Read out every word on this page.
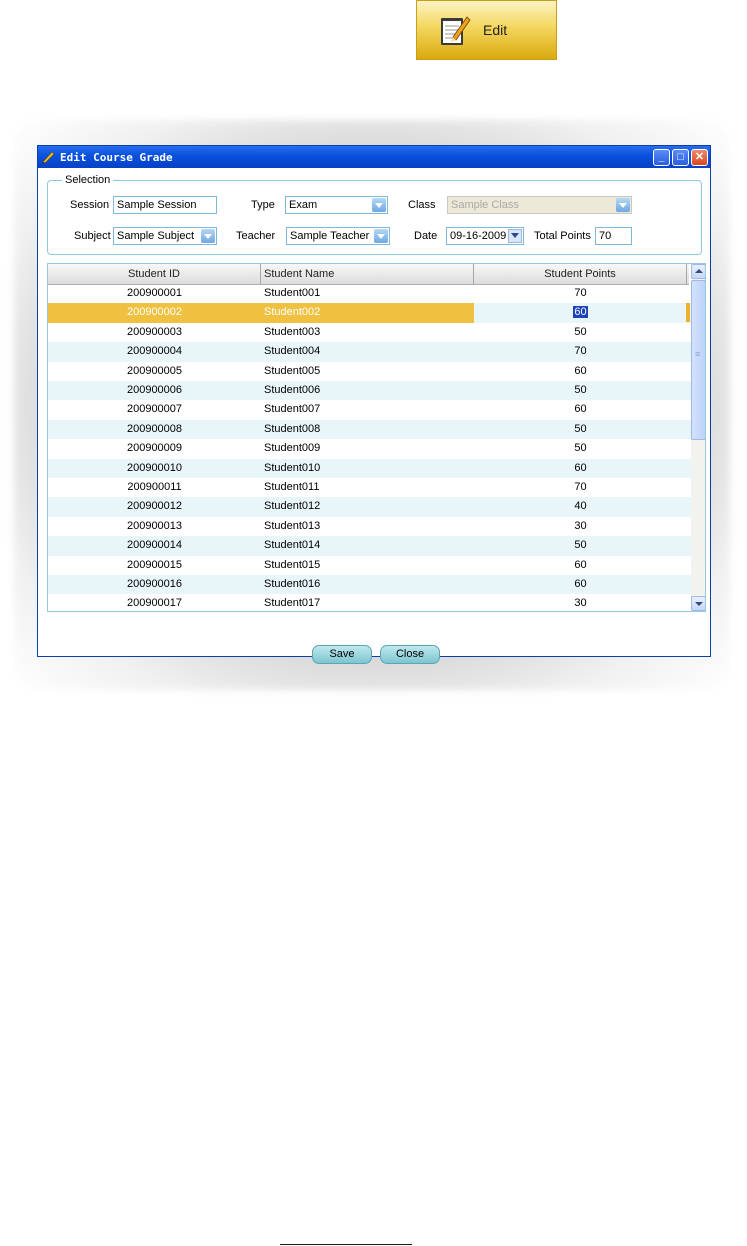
Edit
Edit Course Grade	_	□	✕
Selection
Session Sample Session	Type	Exam	Class	Sample Class
Subject Sample Subject	Teacher	Sample Teacher	Date	09-16-2009	Total Points 70
Student ID	Student Name	Student Points
200900001	Student001	70
200900002	Student002	60
200900003	Student003	50
200900004	Student004	70
200900005	Student005	60
200900006	Student006	50
200900007	Student007	60
200900008	Student008	50
200900009	Student009	50
200900010	Student010	60
200900011	Student011	70
200900012	Student012	40
200900013	Student013	30
200900014	Student014	50
200900015	Student015	60
200900016	Student016	60
200900017	Student017	30
≡
Save	Close
